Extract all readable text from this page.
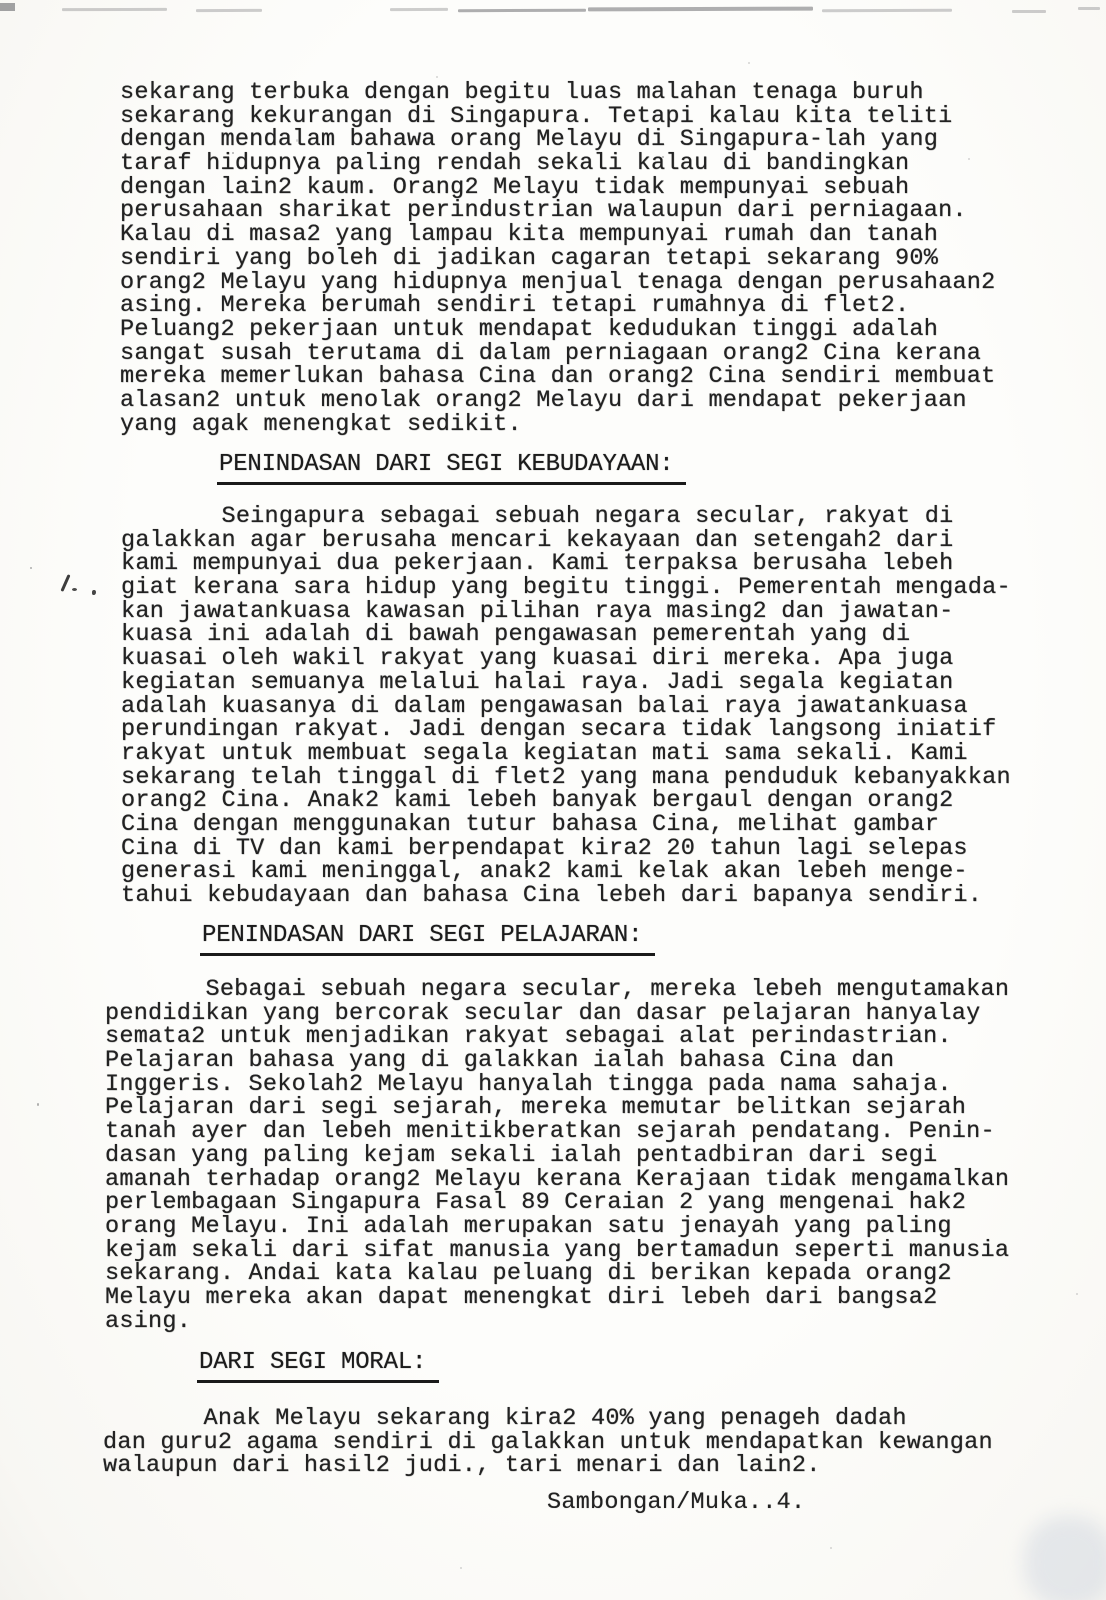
sekarang terbuka dengan begitu luas malahan tenaga buruh
sekarang kekurangan di Singapura. Tetapi kalau kita teliti
dengan mendalam bahawa orang Melayu di Singapura-lah yang
taraf hidupnya paling rendah sekali kalau di bandingkan
dengan lain2 kaum. Orang2 Melayu tidak mempunyai sebuah
perusahaan sharikat perindustrian walaupun dari perniagaan.
Kalau di masa2 yang lampau kita mempunyai rumah dan tanah
sendiri yang boleh di jadikan cagaran tetapi sekarang 90%
orang2 Melayu yang hidupnya menjual tenaga dengan perusahaan2
asing. Mereka berumah sendiri tetapi rumahnya di flet2.
Peluang2 pekerjaan untuk mendapat kedudukan tinggi adalah
sangat susah terutama di dalam perniagaan orang2 Cina kerana
mereka memerlukan bahasa Cina dan orang2 Cina sendiri membuat
alasan2 untuk menolak orang2 Melayu dari mendapat pekerjaan
yang agak menengkat sedikit.
PENINDASAN DARI SEGI KEBUDAYAAN:
Seingapura sebagai sebuah negara secular, rakyat di
galakkan agar berusaha mencari kekayaan dan setengah2 dari
kami mempunyai dua pekerjaan. Kami terpaksa berusaha lebeh
giat kerana sara hidup yang begitu tinggi. Pemerentah mengada-
kan jawatankuasa kawasan pilihan raya masing2 dan jawatan-
kuasa ini adalah di bawah pengawasan pemerentah yang di
kuasai oleh wakil rakyat yang kuasai diri mereka. Apa juga
kegiatan semuanya melalui halai raya. Jadi segala kegiatan
adalah kuasanya di dalam pengawasan balai raya jawatankuasa
perundingan rakyat. Jadi dengan secara tidak langsong iniatif
rakyat untuk membuat segala kegiatan mati sama sekali. Kami
sekarang telah tinggal di flet2 yang mana penduduk kebanyakkan
orang2 Cina. Anak2 kami lebeh banyak bergaul dengan orang2
Cina dengan menggunakan tutur bahasa Cina, melihat gambar
Cina di TV dan kami berpendapat kira2 20 tahun lagi selepas
generasi kami meninggal, anak2 kami kelak akan lebeh menge-
tahui kebudayaan dan bahasa Cina lebeh dari bapanya sendiri.
PENINDASAN DARI SEGI PELAJARAN:
Sebagai sebuah negara secular, mereka lebeh mengutamakan
pendidikan yang bercorak secular dan dasar pelajaran hanyalay
semata2 untuk menjadikan rakyat sebagai alat perindastrian.
Pelajaran bahasa yang di galakkan ialah bahasa Cina dan
Inggeris. Sekolah2 Melayu hanyalah tingga pada nama sahaja.
Pelajaran dari segi sejarah, mereka memutar belitkan sejarah
tanah ayer dan lebeh menitikberatkan sejarah pendatang. Penin-
dasan yang paling kejam sekali ialah pentadbiran dari segi
amanah terhadap orang2 Melayu kerana Kerajaan tidak mengamalkan
perlembagaan Singapura Fasal 89 Ceraian 2 yang mengenai hak2
orang Melayu. Ini adalah merupakan satu jenayah yang paling
kejam sekali dari sifat manusia yang bertamadun seperti manusia
sekarang. Andai kata kalau peluang di berikan kepada orang2
Melayu mereka akan dapat menengkat diri lebeh dari bangsa2
asing.
DARI SEGI MORAL:
Anak Melayu sekarang kira2 40% yang penageh dadah
dan guru2 agama sendiri di galakkan untuk mendapatkan kewangan
walaupun dari hasil2 judi., tari menari dan lain2.
Sambongan/Muka..4.
